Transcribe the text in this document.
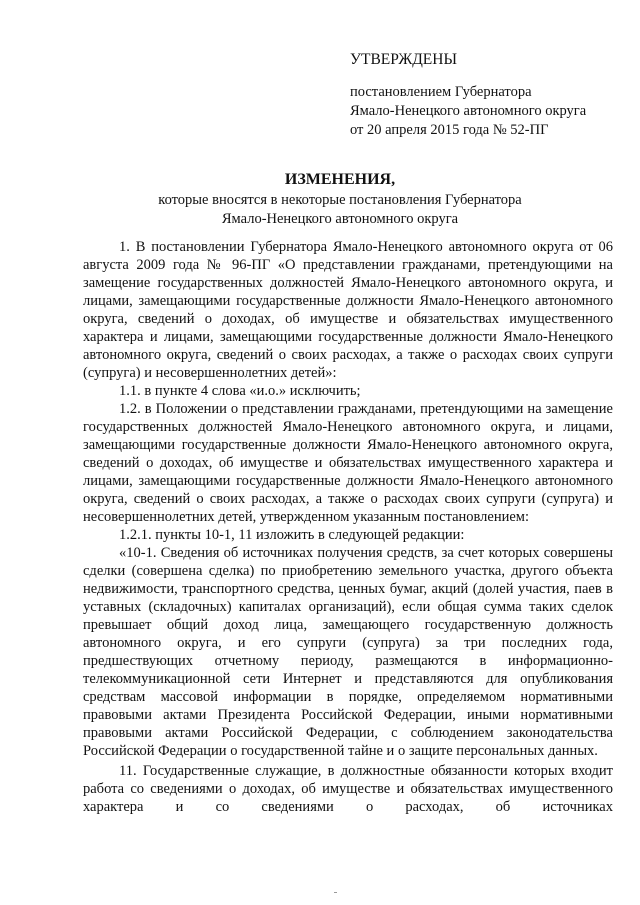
УТВЕРЖДЕНЫ
постановлением Губернатора
Ямало-Ненецкого автономного округа
от 20 апреля 2015 года № 52-ПГ
ИЗМЕНЕНИЯ,
которые вносятся в некоторые постановления Губернатора
Ямало-Ненецкого автономного округа

1. В постановлении Губернатора Ямало-Ненецкого автономного округа от 06 августа 2009 года № 96-ПГ «О представлении гражданами, претендующими на замещение государственных должностей Ямало-Ненецкого автономного округа, и лицами, замещающими государственные должности Ямало-Ненецкого автономного округа, сведений о доходах, об имуществе и обязательствах имущественного характера и лицами, замещающими государственные должности Ямало-Ненецкого автономного округа, сведений о своих расходах, а также о расходах своих супруги (супруга) и несовершеннолетних детей»:

1.1. в пункте 4 слова «и.о.» исключить;

1.2. в Положении о представлении гражданами, претендующими на замещение государственных должностей Ямало-Ненецкого автономного округа, и лицами, замещающими государственные должности Ямало-Ненецкого автономного округа, сведений о доходах, об имуществе и обязательствах имущественного характера и лицами, замещающими государственные должности Ямало-Ненецкого автономного округа, сведений о своих расходах, а также о расходах своих супруги (супруга) и несовершеннолетних детей, утвержденном указанным постановлением:

1.2.1. пункты 10-1, 11 изложить в следующей редакции:

«10-1. Сведения об источниках получения средств, за счет которых совершены сделки (совершена сделка) по приобретению земельного участка, другого объекта недвижимости, транспортного средства, ценных бумаг, акций (долей участия, паев в уставных (складочных) капиталах организаций), если общая сумма таких сделок превышает общий доход лица, замещающего государственную должность автономного округа, и его супруги (супруга) за три последних года, предшествующих отчетному периоду, размещаются в информационно-телекоммуникационной сети Интернет и представляются для опубликования средствам массовой информации в порядке, определяемом нормативными правовыми актами Президента Российской Федерации, иными нормативными правовыми актами Российской Федерации, с соблюдением законодательства Российской Федерации о государственной тайне и о защите персональных данных.

11. Государственные служащие, в должностные обязанности которых входит работа со сведениями о доходах, об имуществе и обязательствах имущественного характера и со сведениями о расходах, об источниках
